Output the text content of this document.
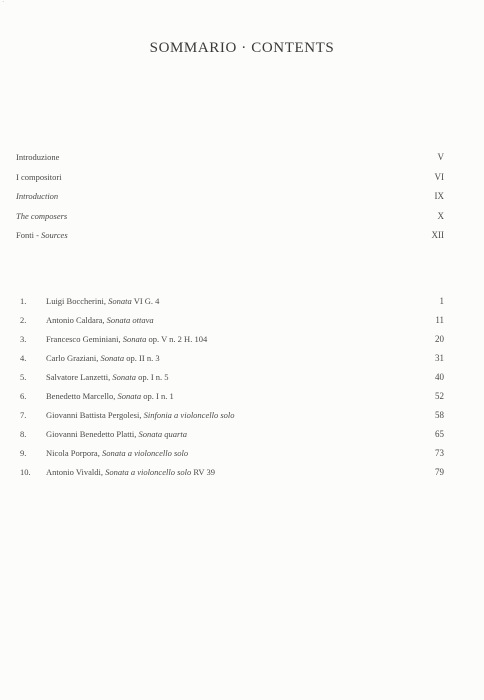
˙
SOMMARIO · CONTENTS
Introduzione	V
I compositori	VI
Introduction	IX
The composers	X
Fonti - Sources	XII
1. Luigi Boccherini, Sonata VI G. 4	1
2. Antonio Caldara, Sonata ottava	11
3. Francesco Geminiani, Sonata op. V n. 2 H. 104	20
4. Carlo Graziani, Sonata op. II n. 3	31
5. Salvatore Lanzetti, Sonata op. I n. 5	40
6. Benedetto Marcello, Sonata op. I n. 1	52
7. Giovanni Battista Pergolesi, Sinfonia a violoncello solo	58
8. Giovanni Benedetto Platti, Sonata quarta	65
9. Nicola Porpora, Sonata a violoncello solo	73
10. Antonio Vivaldi, Sonata a violoncello solo RV 39	79
